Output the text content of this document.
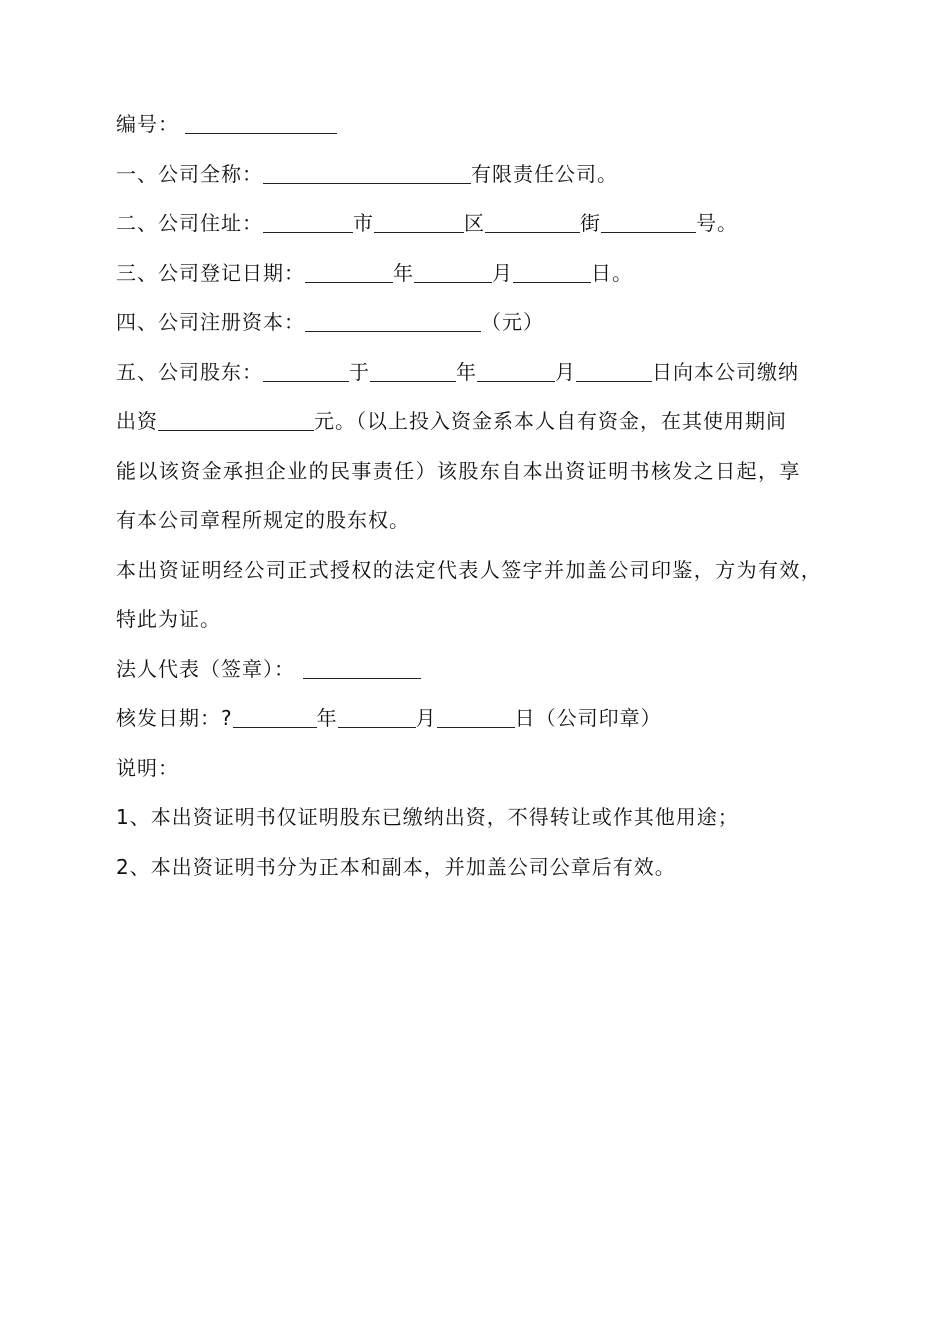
编号：
一、公司全称：	有限责任公司。
二、公司住址：	市	区	街	号。
三、公司登记日期：	年	月	日。
四、公司注册资本：	（元）
五、公司股东：	于	年	月	日向本公司缴纳
出资	元。（以上投入资金系本人自有资金，在其使用期间
能以该资金承担企业的民事责任）该股东自本出资证明书核发之日起，享
有本公司章程所规定的股东权。
本出资证明经公司正式授权的法定代表人签字并加盖公司印鉴，方为有效，
特此为证。
法人代表（签章）：
核发日期：?	年	月	日（公司印章）
说明：
1、本出资证明书仅证明股东已缴纳出资，不得转让或作其他用途；
2、本出资证明书分为正本和副本，并加盖公司公章后有效。
